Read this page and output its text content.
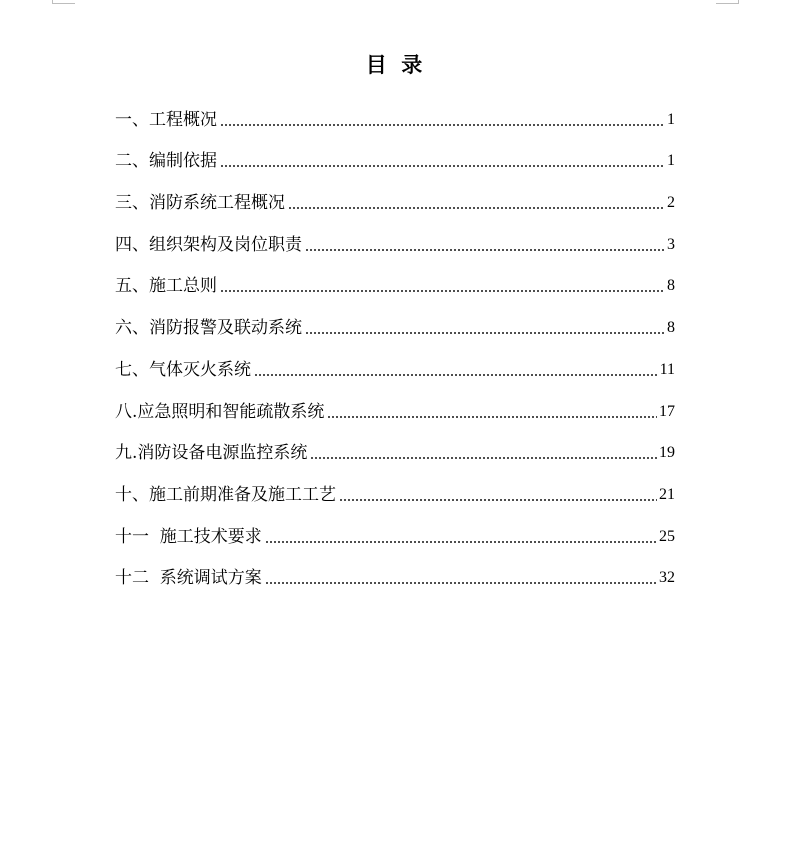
目  录
一、工程概况	1
二、编制依据	1
三、消防系统工程概况	2
四、组织架构及岗位职责	3
五、施工总则	8
六、消防报警及联动系统	8
七、气体灭火系统	11
八.应急照明和智能疏散系统	17
九.消防设备电源监控系统	19
十、施工前期准备及施工工艺	21
十一  施工技术要求	25
十二  系统调试方案	32
